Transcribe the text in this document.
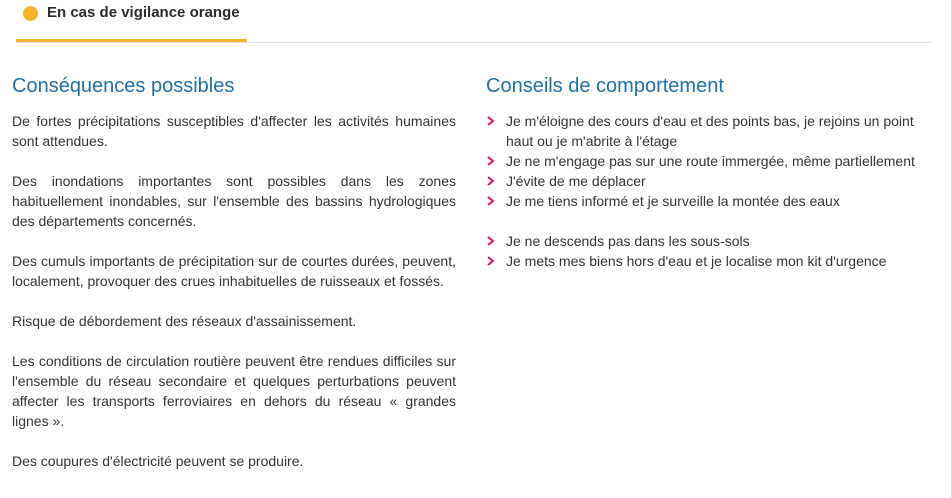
En cas de vigilance orange
Conséquences possibles

De fortes précipitations susceptibles d'affecter les activités humaines sont attendues.

Des inondations importantes sont possibles dans les zones habituellement inondables, sur l'ensemble des bassins hydrologiques des départements concernés.

Des cumuls importants de précipitation sur de courtes durées, peuvent, localement, provoquer des crues inhabituelles de ruisseaux et fossés.

Risque de débordement des réseaux d'assainissement.

Les conditions de circulation routière peuvent être rendues difficiles sur l'ensemble du réseau secondaire et quelques perturbations peuvent affecter les transports ferroviaires en dehors du réseau « grandes lignes ».

Des coupures d'électricité peuvent se produire.

Conseils de comportement
Je m'éloigne des cours d'eau et des points bas, je rejoins un point haut ou je m'abrite à l'étage
Je ne m'engage pas sur une route immergée, même partiellement
J'évite de me déplacer
Je me tiens informé et je surveille la montée des eaux
Je ne descends pas dans les sous-sols
Je mets mes biens hors d'eau et je localise mon kit d'urgence
